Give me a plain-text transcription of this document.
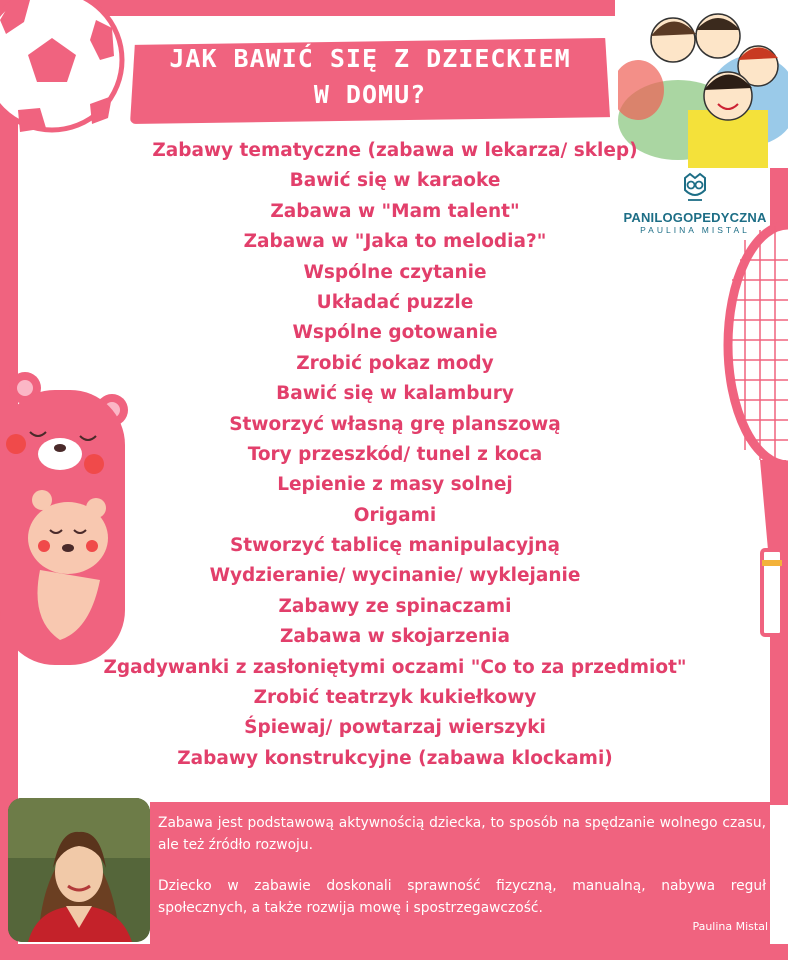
JAK BAWIĆ SIĘ Z DZIECKIEM
W DOMU?
PANILOGOPEDYCZNA
PAULINA MISTAL
Zabawy tematyczne (zabawa w lekarza/ sklep)
Bawić się w karaoke
Zabawa w "Mam talent"
Zabawa w "Jaka to melodia?"
Wspólne czytanie
Układać puzzle
Wspólne gotowanie
Zrobić pokaz mody
Bawić się w kalambury
Stworzyć własną grę planszową
Tory przeszkód/ tunel z koca
Lepienie z masy solnej
Origami
Stworzyć tablicę manipulacyjną
Wydzieranie/ wycinanie/ wyklejanie
Zabawy ze spinaczami
Zabawa w skojarzenia
Zgadywanki z zasłoniętymi oczami "Co to za przedmiot"
Zrobić teatrzyk kukiełkowy
Śpiewaj/ powtarzaj wierszyki
Zabawy konstrukcyjne (zabawa klockami)
Zabawa jest podstawową aktywnością dziecka, to sposób na spędzanie wolnego czasu, ale też źródło rozwoju.
Dziecko w zabawie doskonali sprawność fizyczną, manualną, nabywa reguł społecznych, a także rozwija mowę i spostrzegawczość.
Paulina Mistal
